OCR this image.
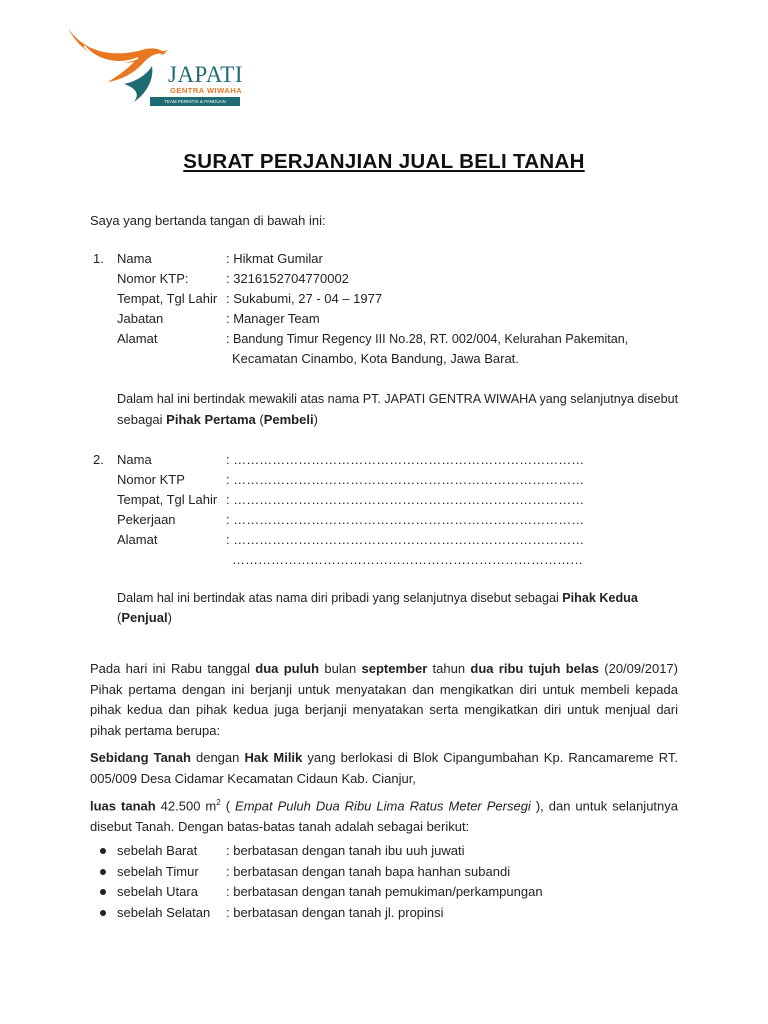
JAPATI
GENTRA WIWAHA
TEAM PERINTIS & PANDUAN
SURAT PERJANJIAN JUAL BELI TANAH
Saya yang bertanda tangan di bawah ini:
1. Nama	: Hikmat Gumilar
Nomor KTP:	: 3216152704770002
Tempat, Tgl Lahir : Sukabumi, 27 - 04 – 1977
Jabatan	: Manager Team
Alamat	: Bandung Timur Regency III No.28, RT. 002/004, Kelurahan Pakemitan,
Kecamatan Cinambo, Kota Bandung, Jawa Barat.
Dalam hal ini bertindak mewakili atas nama PT. JAPATI GENTRA WIWAHA yang selanjutnya disebut
sebagai Pihak Pertama (Pembeli)
2. Nama	: ………………………………………………………………………
Nomor KTP	: ………………………………………………………………………
Tempat, Tgl Lahir : ………………………………………………………………………
Pekerjaan	: ………………………………………………………………………
Alamat	: ………………………………………………………………………
………………………………………………………………………
Dalam hal ini bertindak atas nama diri pribadi yang selanjutnya disebut sebagai Pihak Kedua
(Penjual)
Pada hari ini Rabu tanggal dua puluh bulan september tahun dua ribu tujuh belas (20/09/2017) Pihak pertama dengan ini berjanji untuk menyatakan dan mengikatkan diri untuk membeli kepada pihak kedua dan pihak kedua juga berjanji menyatakan serta mengikatkan diri untuk menjual dari pihak pertama berupa:
Sebidang Tanah dengan Hak Milik yang berlokasi di Blok Cipangumbahan Kp. Rancamareme RT. 005/009 Desa Cidamar Kecamatan Cidaun Kab. Cianjur,
luas tanah 42.500 $m^2$ ( Empat Puluh Dua Ribu Lima Ratus Meter Persegi ), dan untuk selanjutnya disebut Tanah. Dengan batas-batas tanah adalah sebagai berikut:
sebelah Barat : berbatasan dengan tanah ibu uuh juwati
sebelah Timur : berbatasan dengan tanah bapa hanhan subandi
sebelah Utara : berbatasan dengan tanah pemukiman/perkampungan
sebelah Selatan : berbatasan dengan tanah jl. propinsi
